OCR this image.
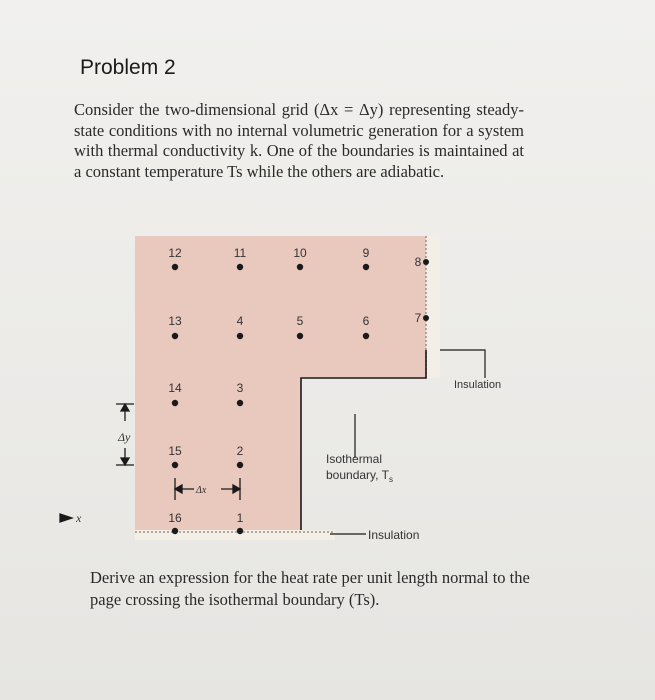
Problem 2
Consider the two-dimensional grid (Δx = Δy) representing steady-state conditions with no internal volumetric generation for a system with thermal conductivity k. One of the boundaries is maintained at a constant temperature Ts while the others are adiabatic.
1
2
3
4	5	6	7
8
9
10
11
12
13
14
15
16
Δy
Δx
x
Insulation
Insulation
Isothermal
boundary, $T_s$
Derive an expression for the heat rate per unit length normal to the page crossing the isothermal boundary (Ts).
